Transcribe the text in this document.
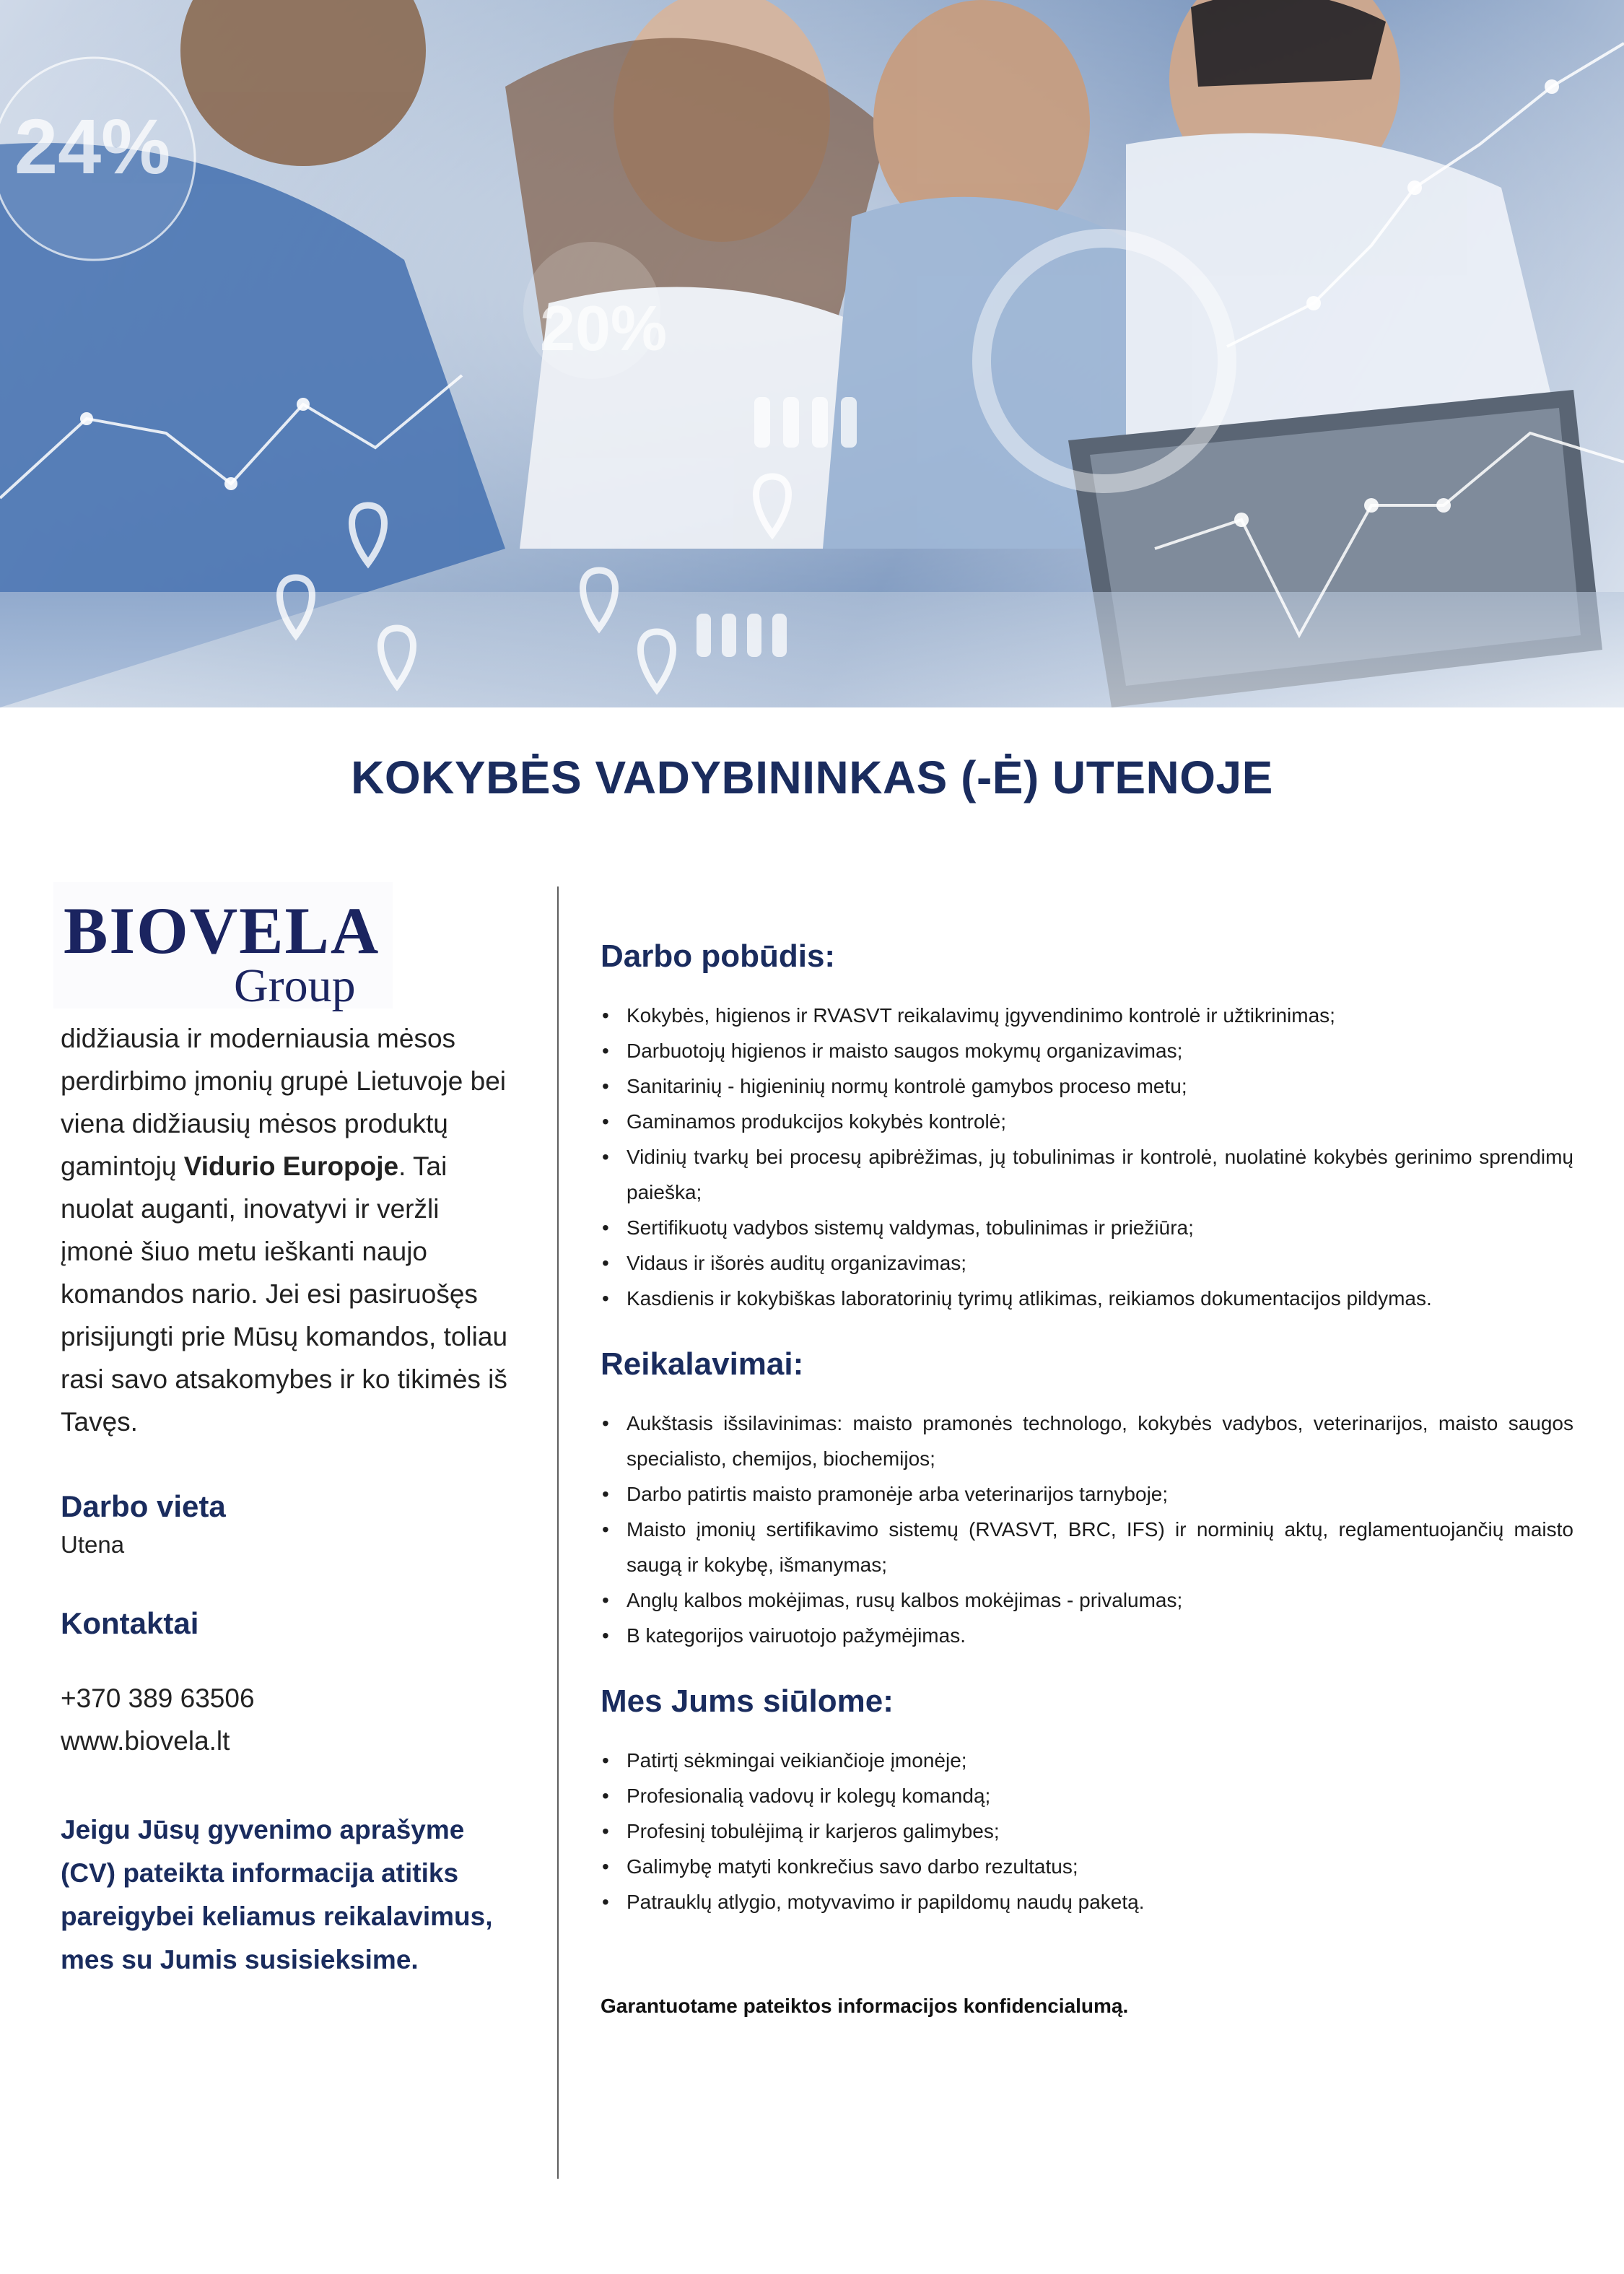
24%
20%
KOKYBĖS VADYBININKAS (-Ė) UTENOJE
BIOVELA
Group
didžiausia ir moderniausia mėsos perdirbimo įmonių grupė Lietuvoje bei viena didžiausių mėsos produktų gamintojų Vidurio Europoje. Tai nuolat auganti, inovatyvi ir veržli įmonė šiuo metu ieškanti naujo komandos nario. Jei esi pasiruošęs prisijungti prie Mūsų komandos, toliau rasi savo atsakomybes ir ko tikimės iš Tavęs.
Darbo vieta
Utena
Kontaktai
+370 389 63506
www.biovela.lt
Jeigu Jūsų gyvenimo aprašyme (CV) pateikta informacija atitiks pareigybei keliamus reikalavimus, mes su Jumis susisieksime.
Darbo pobūdis:
• Kokybės, higienos ir RVASVT reikalavimų įgyvendinimo kontrolė ir užtikrinimas;
• Darbuotojų higienos ir maisto saugos mokymų organizavimas;
• Sanitarinių - higieninių normų kontrolė gamybos proceso metu;
• Gaminamos produkcijos kokybės kontrolė;
• Vidinių tvarkų bei procesų apibrėžimas, jų tobulinimas ir kontrolė, nuolatinė kokybės gerinimo sprendimų paieška;
• Sertifikuotų vadybos sistemų valdymas, tobulinimas ir priežiūra;
• Vidaus ir išorės auditų organizavimas;
• Kasdienis ir kokybiškas laboratorinių tyrimų atlikimas, reikiamos dokumentacijos pildymas.
Reikalavimai:
• Aukštasis išsilavinimas: maisto pramonės technologo, kokybės vadybos, veterinarijos, maisto saugos specialisto, chemijos, biochemijos;
• Darbo patirtis maisto pramonėje arba veterinarijos tarnyboje;
• Maisto įmonių sertifikavimo sistemų (RVASVT, BRC, IFS) ir norminių aktų, reglamentuojančių maisto saugą ir kokybę, išmanymas;
• Anglų kalbos mokėjimas, rusų kalbos mokėjimas - privalumas;
• B kategorijos vairuotojo pažymėjimas.
Mes Jums siūlome:
• Patirtį sėkmingai veikiančioje įmonėje;
• Profesionalią vadovų ir kolegų komandą;
• Profesinį tobulėjimą ir karjeros galimybes;
• Galimybę matyti konkrečius savo darbo rezultatus;
• Patrauklų atlygio, motyvavimo ir papildomų naudų paketą.
Garantuotame pateiktos informacijos konfidencialumą.
